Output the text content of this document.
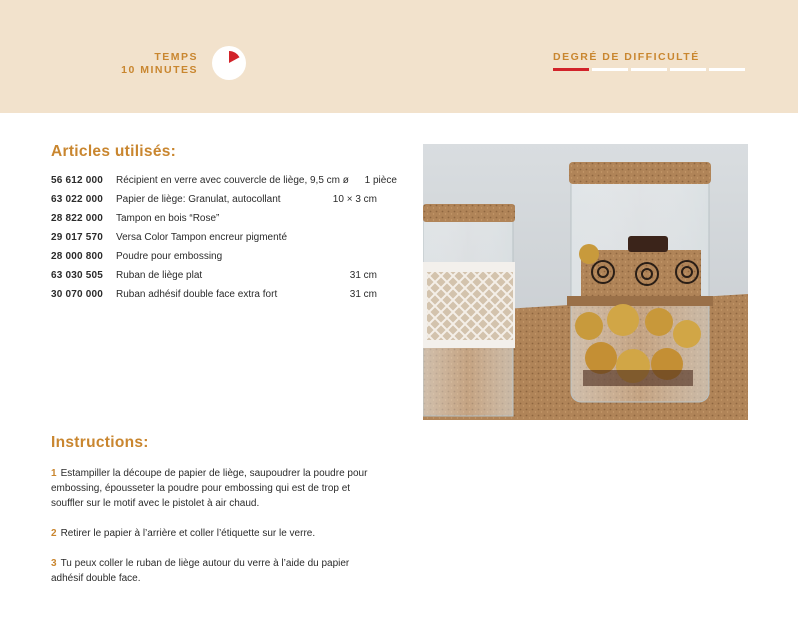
TEMPS
10 MINUTES
DEGRÉ DE DIFFICULTÉ
Articles utilisés:
56 612 000	Récipient en verre avec couvercle de liège, 9,5 cm ø	1 pièce
63 022 000	Papier de liège: Granulat, autocollant	10 × 3 cm
28 822 000	Tampon en bois “Rose”
29 017 570	Versa Color Tampon encreur pigmenté
28 000 800	Poudre pour embossing
63 030 505	Ruban de liège plat	31 cm
30 070 000	Ruban adhésif double face extra fort	31 cm
Instructions:

1 Estampiller la découpe de papier de liège, saupoudrer la poudre pour embossing, épousseter la poudre pour embossing qui est de trop et souffler sur le motif avec le pistolet à air chaud.

2 Retirer le papier à l’arrière et coller l’étiquette sur le verre.

3 Tu peux coller le ruban de liège autour du verre à l’aide du papier adhésif double face.
